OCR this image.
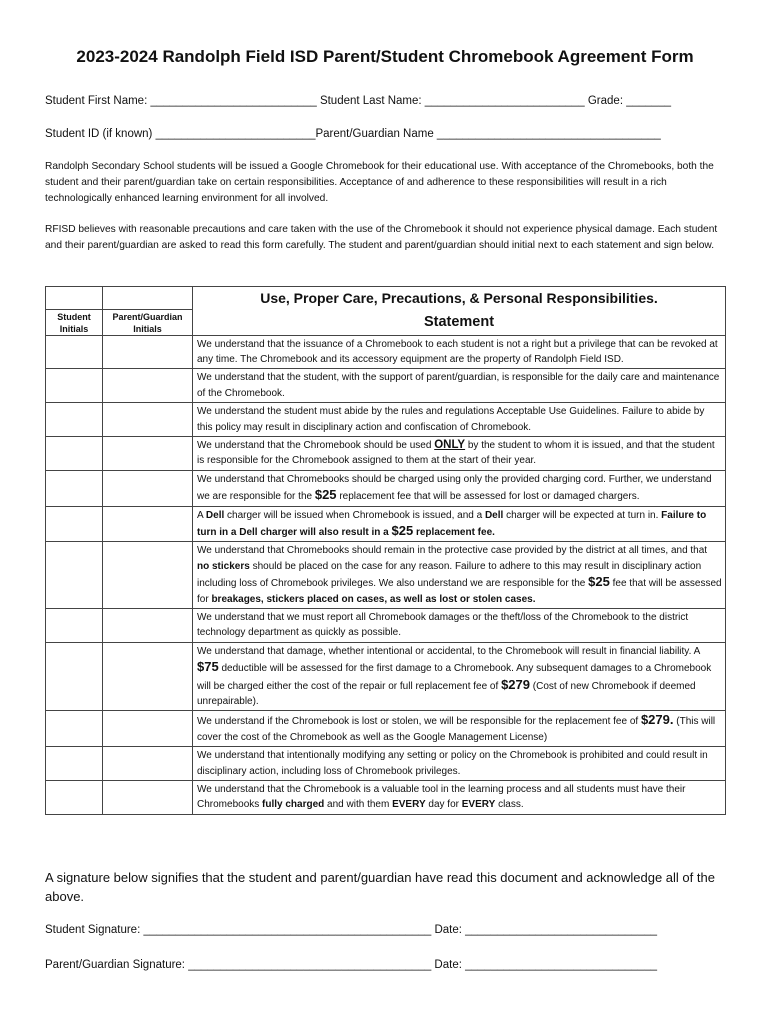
2023-2024 Randolph Field ISD Parent/Student Chromebook Agreement Form
Student First Name: __________________________ Student Last Name: _________________________ Grade: _______
Student ID (if known) _________________________Parent/Guardian Name ___________________________________
Randolph Secondary School students will be issued a Google Chromebook for their educational use. With acceptance of the Chromebooks, both the student and their parent/guardian take on certain responsibilities. Acceptance of and adherence to these responsibilities will result in a rich technologically enhanced learning environment for all involved.
RFISD believes with reasonable precautions and care taken with the use of the Chromebook it should not experience physical damage. Each student and their parent/guardian are asked to read this form carefully. The student and parent/guardian should initial next to each statement and sign below.
		Use, Proper Care, Precautions, & Personal Responsibilities.
Student Initials	Parent/Guardian Initials	Statement
		We understand that the issuance of a Chromebook to each student is not a right but a privilege that can be revoked at any time. The Chromebook and its accessory equipment are the property of Randolph Field ISD.
		We understand that the student, with the support of parent/guardian, is responsible for the daily care and maintenance of the Chromebook.
		We understand the student must abide by the rules and regulations Acceptable Use Guidelines. Failure to abide by this policy may result in disciplinary action and confiscation of Chromebook.
		We understand that the Chromebook should be used ONLY by the student to whom it is issued, and that the student is responsible for the Chromebook assigned to them at the start of their year.
		We understand that Chromebooks should be charged using only the provided charging cord. Further, we understand we are responsible for the $25 replacement fee that will be assessed for lost or damaged chargers.
		A Dell charger will be issued when Chromebook is issued, and a Dell charger will be expected at turn in. Failure to turn in a Dell charger will also result in a $25 replacement fee.
		We understand that Chromebooks should remain in the protective case provided by the district at all times, and that no stickers should be placed on the case for any reason. Failure to adhere to this may result in disciplinary action including loss of Chromebook privileges. We also understand we are responsible for the $25 fee that will be assessed for breakages, stickers placed on cases, as well as lost or stolen cases.
		We understand that we must report all Chromebook damages or the theft/loss of the Chromebook to the district technology department as quickly as possible.
		We understand that damage, whether intentional or accidental, to the Chromebook will result in financial liability. A $75 deductible will be assessed for the first damage to a Chromebook. Any subsequent damages to a Chromebook will be charged either the cost of the repair or full replacement fee of $279 (Cost of new Chromebook if deemed unrepairable).
		We understand if the Chromebook is lost or stolen, we will be responsible for the replacement fee of $279. (This will cover the cost of the Chromebook as well as the Google Management License)
		We understand that intentionally modifying any setting or policy on the Chromebook is prohibited and could result in disciplinary action, including loss of Chromebook privileges.
		We understand that the Chromebook is a valuable tool in the learning process and all students must have their Chromebooks fully charged and with them EVERY day for EVERY class.
A signature below signifies that the student and parent/guardian have read this document and acknowledge all of the above.
Student Signature: _____________________________________________ Date: ______________________________
Parent/Guardian Signature: ______________________________________ Date: ______________________________
